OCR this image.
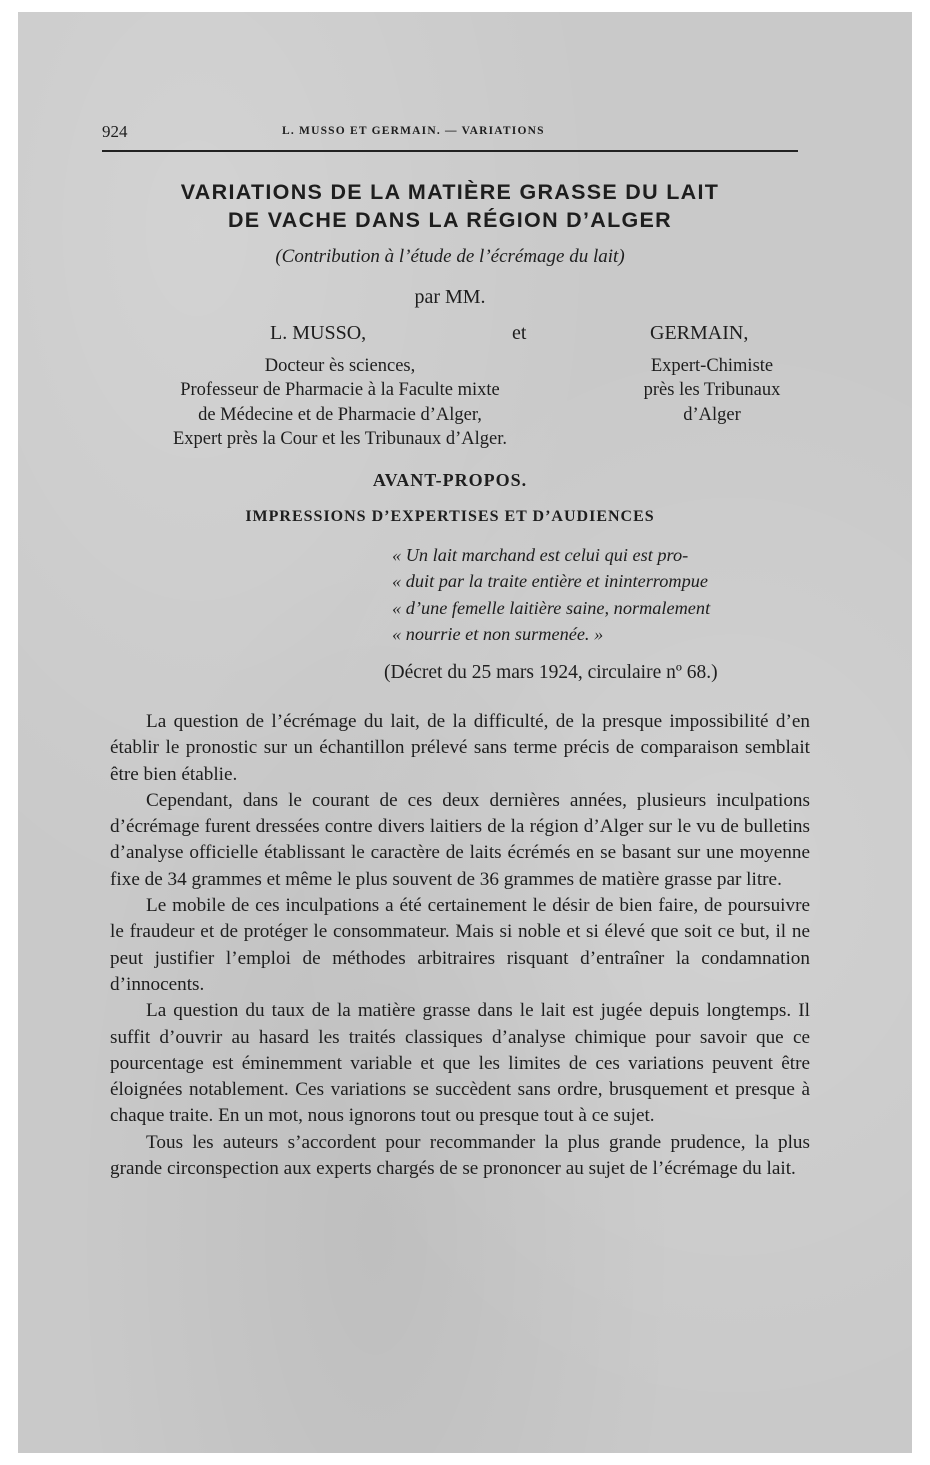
924	L. MUSSO ET GERMAIN. — VARIATIONS
VARIATIONS DE LA MATIÈRE GRASSE DU LAIT
DE VACHE DANS LA RÉGION D’ALGER
(Contribution à l’étude de l’écrémage du lait)
par MM.
L. MUSSO,	et	GERMAIN,
Docteur ès sciences,
Professeur de Pharmacie à la Faculte mixte
de Médecine et de Pharmacie d’Alger,
Expert près la Cour et les Tribunaux d’Alger.
Expert-Chimiste
près les Tribunaux
d’Alger
AVANT-PROPOS.
IMPRESSIONS D’EXPERTISES ET D’AUDIENCES
« Un lait marchand est celui qui est pro-
« duit par la traite entière et ininterrompue
« d’une femelle laitière saine, normalement
« nourrie et non surmenée. »
(Décret du 25 mars 1924, circulaire nº 68.)

La question de l’écrémage du lait, de la difficulté, de la presque impossibilité d’en établir le pronostic sur un échantillon prélevé sans terme précis de comparaison semblait être bien établie.

Cependant, dans le courant de ces deux dernières années, plusieurs inculpations d’écrémage furent dressées contre divers laitiers de la région d’Alger sur le vu de bulletins d’analyse officielle établissant le caractère de laits écrémés en se basant sur une moyenne fixe de 34 grammes et même le plus souvent de 36 grammes de matière grasse par litre.

Le mobile de ces inculpations a été certainement le désir de bien faire, de poursuivre le fraudeur et de protéger le consommateur. Mais si noble et si élevé que soit ce but, il ne peut justifier l’emploi de méthodes arbitraires risquant d’entraîner la condamnation d’innocents.

La question du taux de la matière grasse dans le lait est jugée depuis longtemps. Il suffit d’ouvrir au hasard les traités classiques d’analyse chimique pour savoir que ce pourcentage est éminemment variable et que les limites de ces variations peuvent être éloignées notablement. Ces variations se succèdent sans ordre, brusquement et presque à chaque traite. En un mot, nous ignorons tout ou presque tout à ce sujet.

Tous les auteurs s’accordent pour recommander la plus grande prudence, la plus grande circonspection aux experts chargés de se prononcer au sujet de l’écrémage du lait.
